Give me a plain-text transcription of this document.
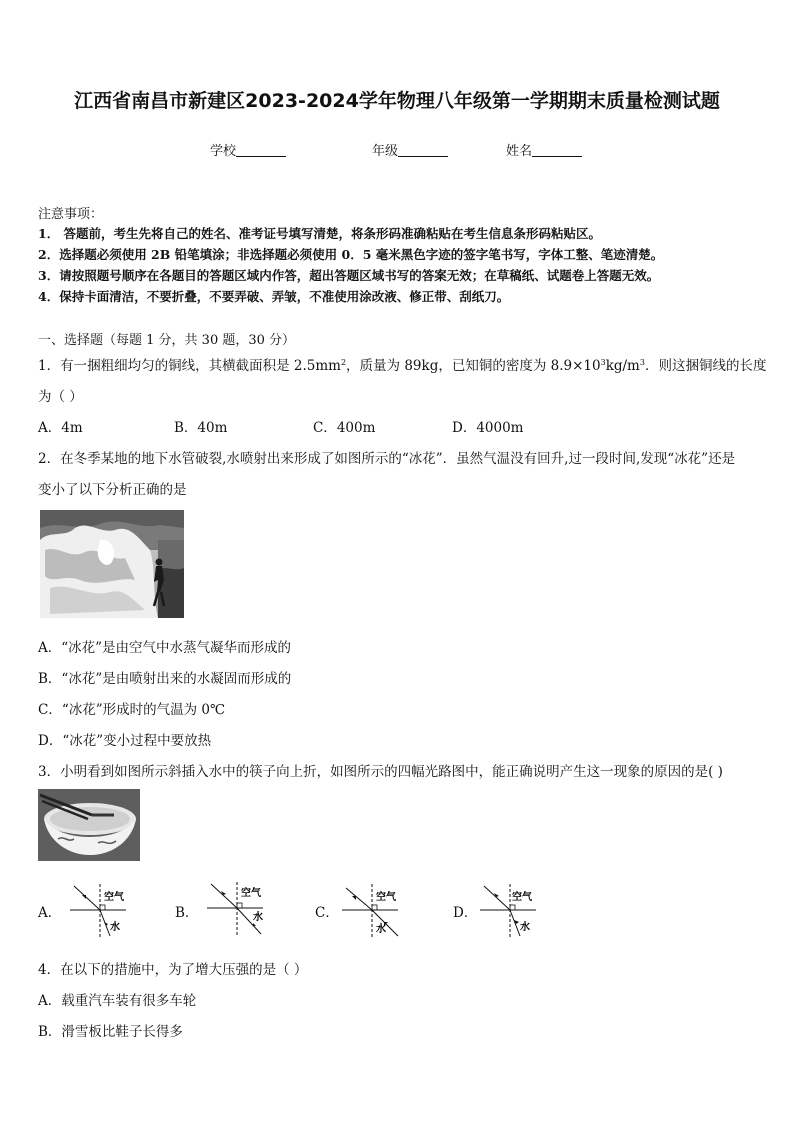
江西省南昌市新建区2023-2024学年物理八年级第一学期期末质量检测试题
学校	年级	姓名
注意事项：
1． 答题前，考生先将自己的姓名、准考证号填写清楚，将条形码准确粘贴在考生信息条形码粘贴区。
2．选择题必须使用 2B 铅笔填涂；非选择题必须使用 0．5 毫米黑色字迹的签字笔书写，字体工整、笔迹清楚。
3．请按照题号顺序在各题目的答题区域内作答，超出答题区域书写的答案无效；在草稿纸、试题卷上答题无效。
4．保持卡面清洁，不要折叠，不要弄破、弄皱，不准使用涂改液、修正带、刮纸刀。
一、选择题（每题 1 分，共 30 题，30 分）
1．有一捆粗细均匀的铜线，其横截面积是 $2.5mm^2$，质量为 89kg，已知铜的密度为 $8.9\times 10^3kg/m^3$．则这捆铜线的长度
为（ ）
A．4m	B．40m	C．400m	D．4000m
2．在冬季某地的地下水管破裂,水喷射出来形成了如图所示的“冰花”．虽然气温没有回升,过一段时间,发现“冰花”还是
变小了以下分析正确的是
A．“冰花”是由空气中水蒸气凝华而形成的
B．“冰花”是由喷射出来的水凝固而形成的
C．“冰花”形成时的气温为 0℃
D．“冰花”变小过程中要放热
3．小明看到如图所示斜插入水中的筷子向上折，如图所示的四幅光路图中，能正确说明产生这一现象的原因的是( )
A．	B．	C．	D．
空气
水
空气
水
空气
水
空气
水
4．在以下的措施中，为了增大压强的是（ ）
A．载重汽车装有很多车轮
B．滑雪板比鞋子长得多
